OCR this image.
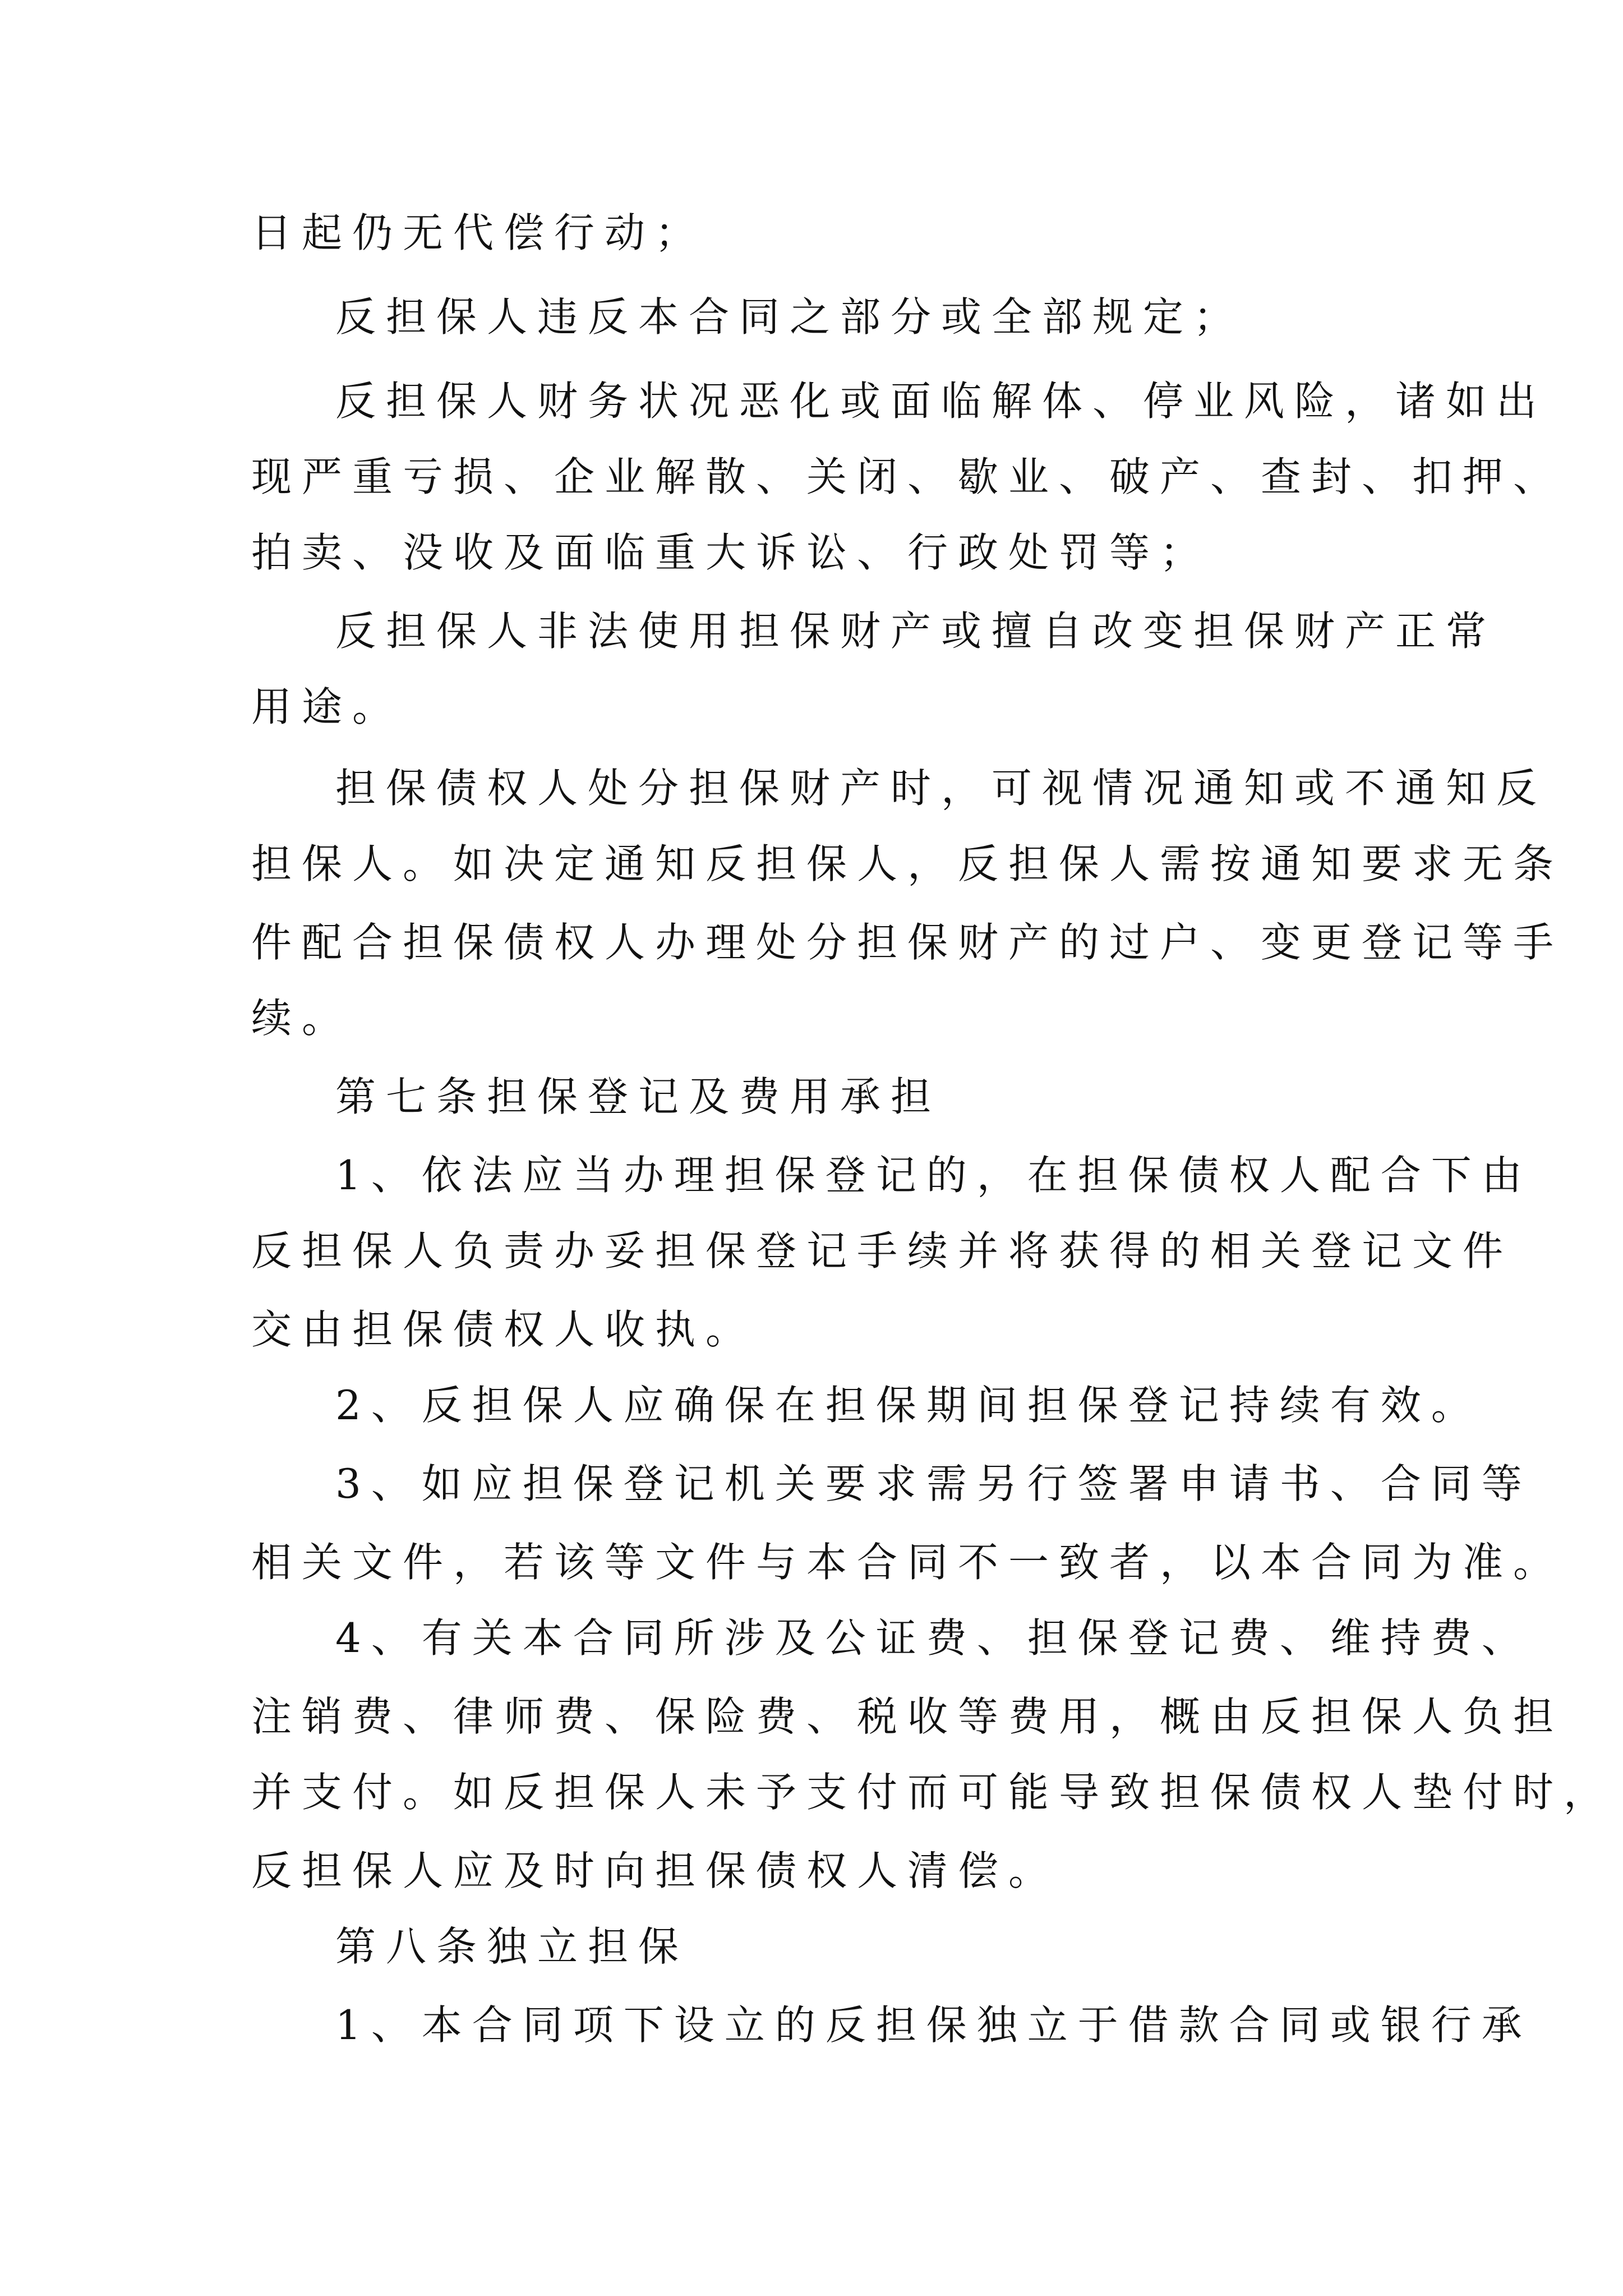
日起仍无代偿行动；
反担保人违反本合同之部分或全部规定；
反担保人财务状况恶化或面临解体、停业风险，诸如出
现严重亏损、企业解散、关闭、歇业、破产、查封、扣押、
拍卖、没收及面临重大诉讼、行政处罚等；
反担保人非法使用担保财产或擅自改变担保财产正常
用途。
担保债权人处分担保财产时，可视情况通知或不通知反
担保人。如决定通知反担保人，反担保人需按通知要求无条
件配合担保债权人办理处分担保财产的过户、变更登记等手
续。
第七条担保登记及费用承担
1、依法应当办理担保登记的，在担保债权人配合下由
反担保人负责办妥担保登记手续并将获得的相关登记文件
交由担保债权人收执。
2、反担保人应确保在担保期间担保登记持续有效。
3、如应担保登记机关要求需另行签署申请书、合同等
相关文件，若该等文件与本合同不一致者，以本合同为准。
4、有关本合同所涉及公证费、担保登记费、维持费、
注销费、律师费、保险费、税收等费用，概由反担保人负担
并支付。如反担保人未予支付而可能导致担保债权人垫付时，
反担保人应及时向担保债权人清偿。
第八条独立担保
1、本合同项下设立的反担保独立于借款合同或银行承
